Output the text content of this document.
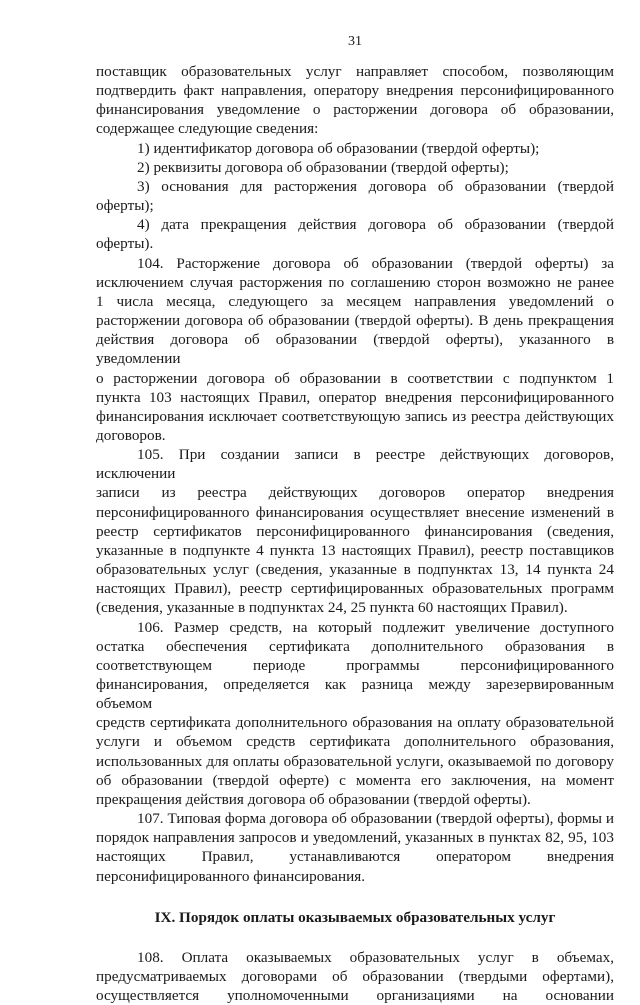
31

поставщик образовательных услуг направляет способом, позволяющим

подтвердить факт направления, оператору внедрения персонифицированного

финансирования уведомление о расторжении договора об образовании,

содержащее следующие сведения:

1) идентификатор договора об образовании (твердой оферты);

2) реквизиты договора об образовании (твердой оферты);

3) основания для расторжения договора об образовании (твердой

оферты);

4) дата прекращения действия договора об образовании (твердой оферты).

104. Расторжение договора об образовании (твердой оферты) за

исключением случая расторжения по соглашению сторон возможно не ранее

1 числа месяца, следующего за месяцем направления уведомлений о

расторжении договора об образовании (твердой оферты). В день прекращения

действия договора об образовании (твердой оферты), указанного в уведомлении

о расторжении договора об образовании в соответствии с подпунктом 1

пункта 103 настоящих Правил, оператор внедрения персонифицированного

финансирования исключает соответствующую запись из реестра действующих

договоров.

105. При создании записи в реестре действующих договоров, исключении

записи из реестра действующих договоров оператор внедрения

персонифицированного финансирования осуществляет внесение изменений в

реестр сертификатов персонифицированного финансирования (сведения,

указанные в подпункте 4 пункта 13 настоящих Правил), реестр поставщиков

образовательных услуг (сведения, указанные в подпунктах 13, 14 пункта 24

настоящих Правил), реестр сертифицированных образовательных программ

(сведения, указанные в подпунктах 24, 25 пункта 60 настоящих Правил).

106. Размер средств, на который подлежит увеличение доступного

остатка обеспечения сертификата дополнительного образования в

соответствующем периоде программы персонифицированного

финансирования, определяется как разница между зарезервированным объемом

средств сертификата дополнительного образования на оплату образовательной

услуги и объемом средств сертификата дополнительного образования,

использованных для оплаты образовательной услуги, оказываемой по договору

об образовании (твердой оферте) с момента его заключения, на момент

прекращения действия договора об образовании (твердой оферты).

107. Типовая форма договора об образовании (твердой оферты), формы и

порядок направления запросов и уведомлений, указанных в пунктах 82, 95, 103

настоящих Правил, устанавливаются оператором внедрения

персонифицированного финансирования.

IX. Порядок оплаты оказываемых образовательных услуг

108. Оплата оказываемых образовательных услуг в объемах,

предусматриваемых договорами об образовании (твердыми офертами),

осуществляется уполномоченными организациями на основании
